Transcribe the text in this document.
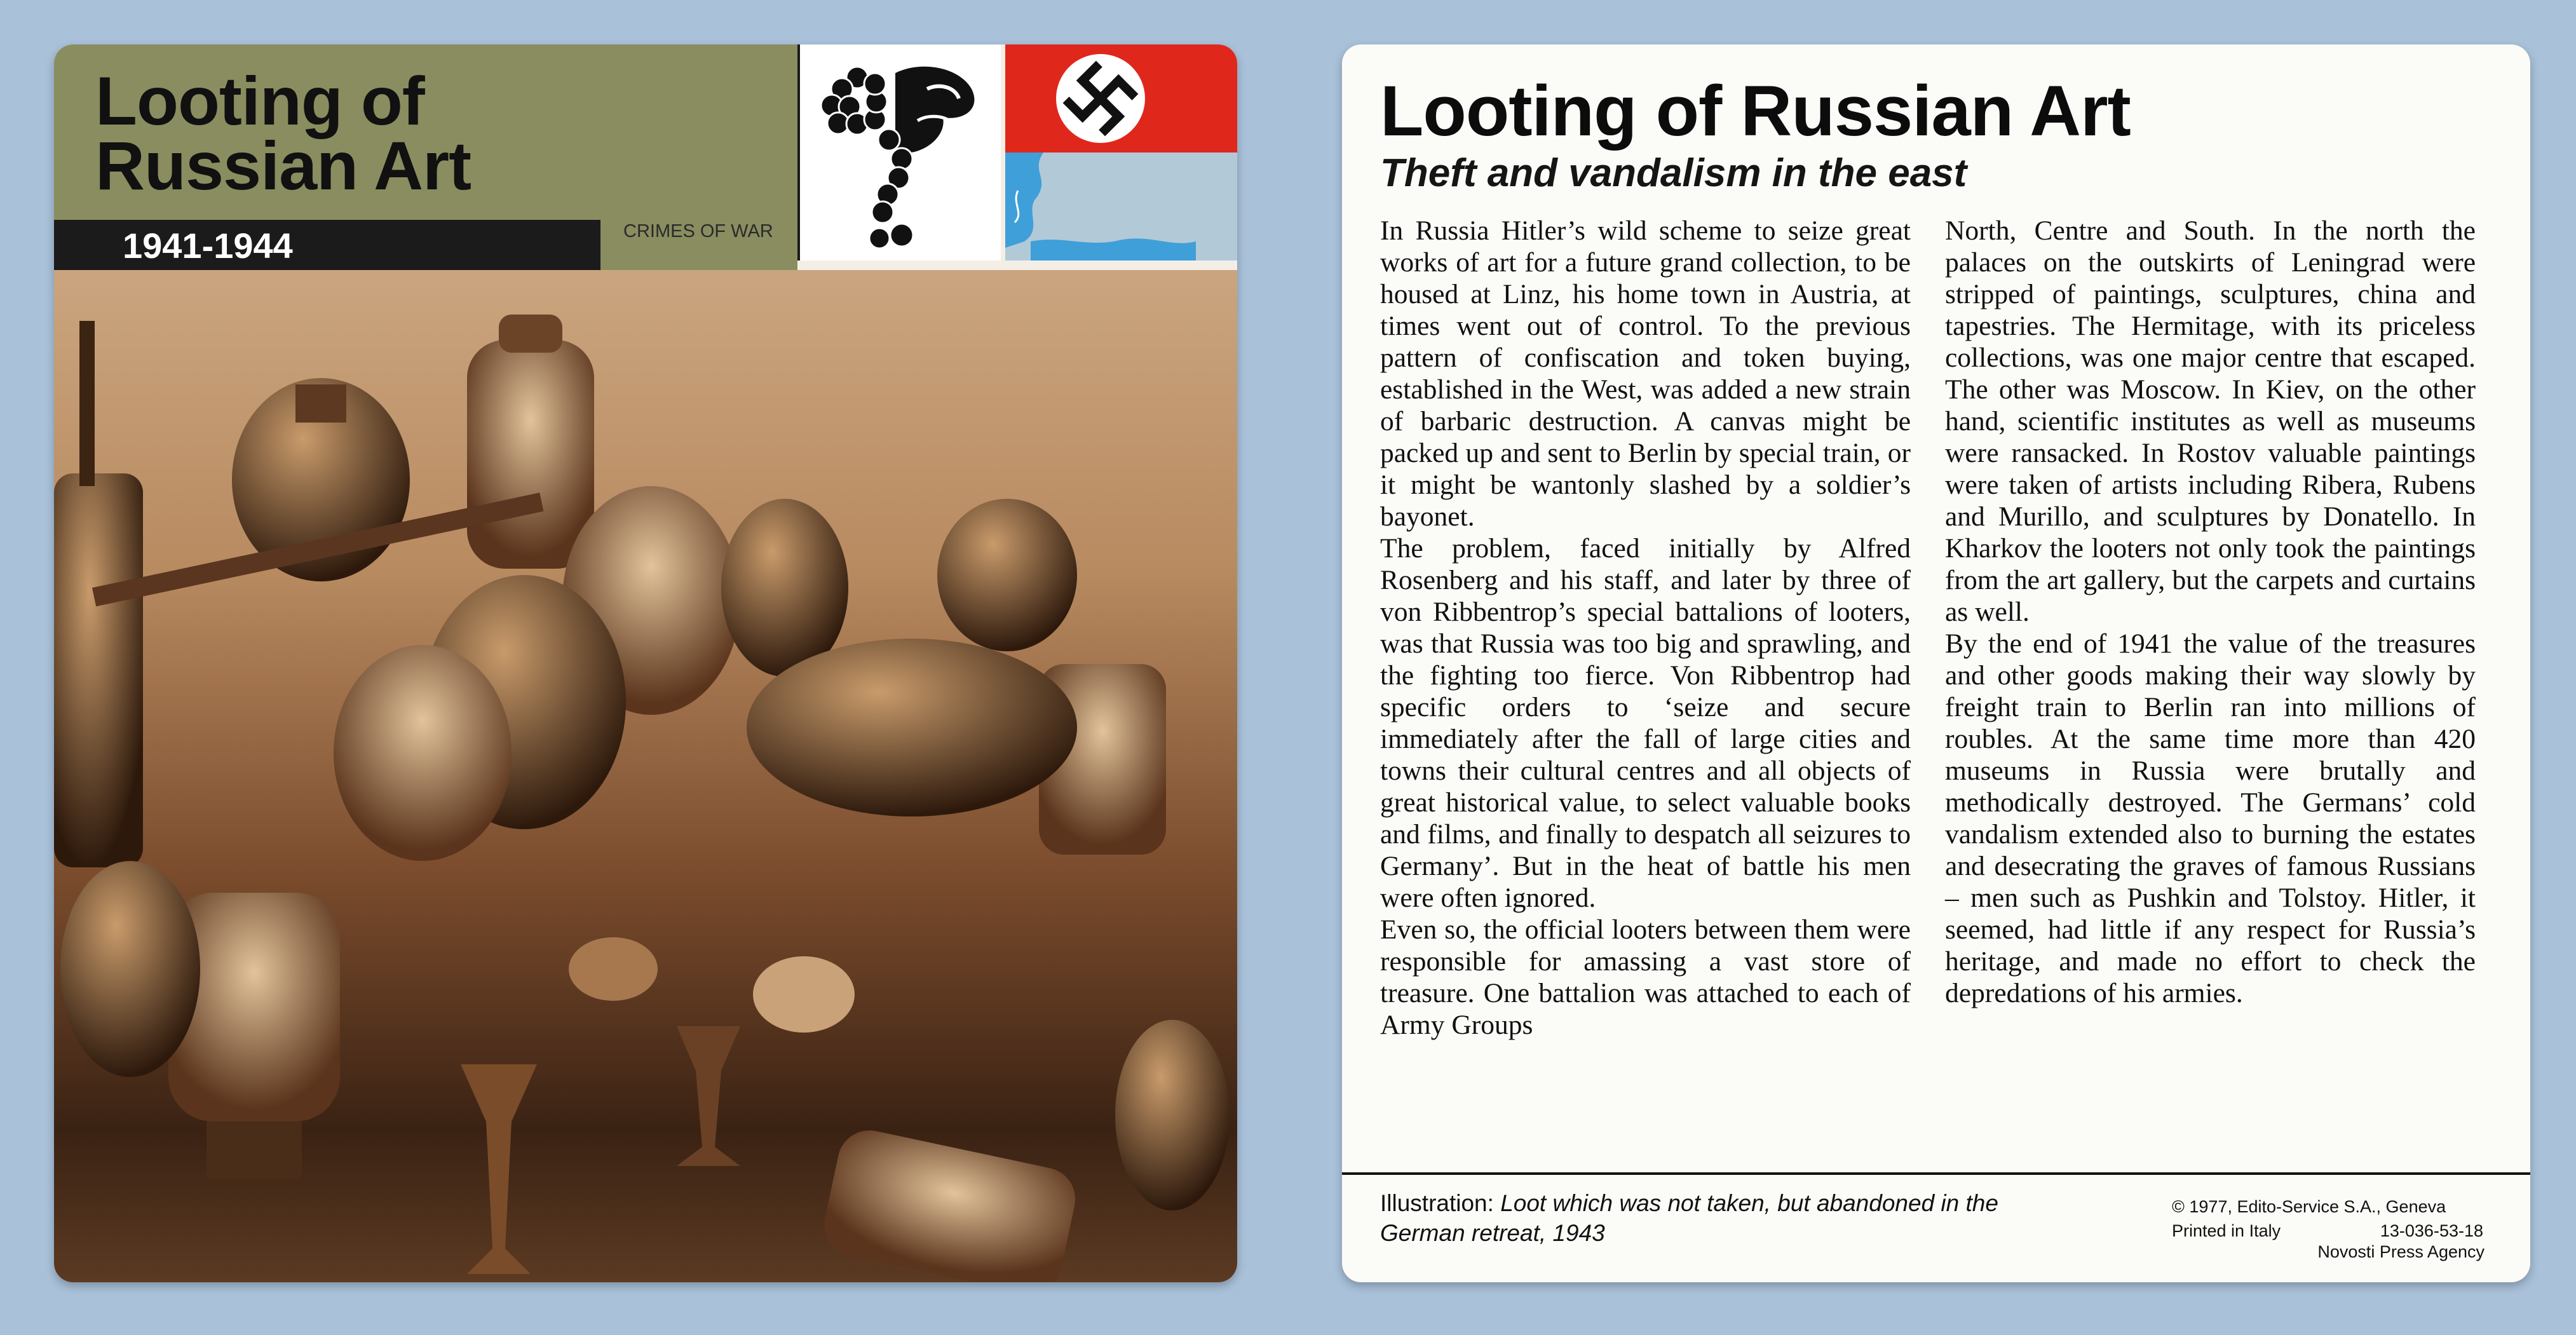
Looting of
Russian Art
1941-1944	CRIMES OF WAR
Looting of Russian Art
Theft and vandalism in the east

In Russia Hitler’s wild scheme to seize great works of art for a future grand collection, to be housed at Linz, his home town in Austria, at times went out of control. To the previous pattern of confiscation and token buying, established in the West, was added a new strain of barbaric destruction. A canvas might be packed up and sent to Berlin by special train, or it might be wantonly slashed by a soldier’s bayonet.

The problem, faced initially by Alfred Rosenberg and his staff, and later by three of von Ribbentrop’s special battalions of looters, was that Russia was too big and sprawling, and the fighting too fierce. Von Ribbentrop had specific orders to ‘seize and secure immediately after the fall of large cities and towns their cultural centres and all objects of great historical value, to select valuable books and films, and finally to despatch all seizures to Germany’. But in the heat of battle his men were often ignored.

Even so, the official looters between them were responsible for amassing a vast store of treasure. One battalion was attached to each of Army Groups

North, Centre and South. In the north the palaces on the outskirts of Leningrad were stripped of paintings, sculptures, china and tapestries. The Hermitage, with its priceless collections, was one major centre that escaped. The other was Moscow. In Kiev, on the other hand, scientific institutes as well as museums were ransacked. In Rostov valuable paintings were taken of artists including Ribera, Rubens and Murillo, and sculptures by Donatello. In Kharkov the looters not only took the paintings from the art gallery, but the carpets and curtains as well.

By the end of 1941 the value of the treasures and other goods making their way slowly by freight train to Berlin ran into millions of roubles. At the same time more than 420 museums in Russia were brutally and methodically destroyed. The Germans’ cold vandalism extended also to burning the estates and desecrating the graves of famous Russians – men such as Pushkin and Tolstoy. Hitler, it seemed, had little if any respect for Russia’s heritage, and made no effort to check the depredations of his armies.

Illustration: Loot which was not taken, but abandoned in the German retreat, 1943
© 1977, Edito-Service S.A., Geneva
Printed in Italy	13-036-53-18
Novosti Press Agency
